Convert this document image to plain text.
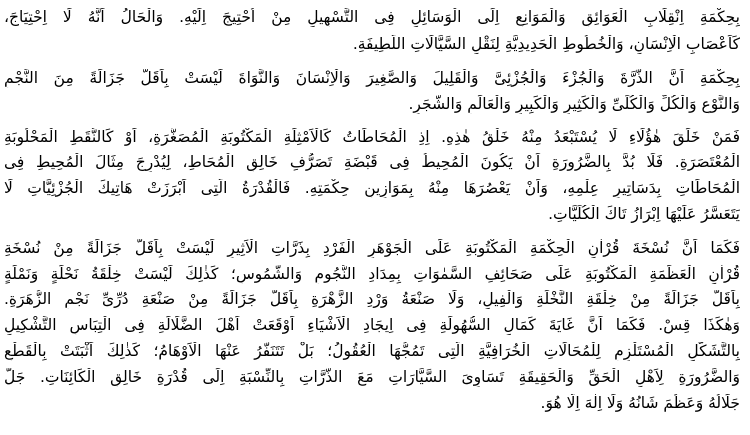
بِحِكْمَةِ اِنْقِلَابِ الْعَوَائِقِ وَالْمَوَانِعِ اِلَى الْوَسَائِلِ فِى التَّسْهِيلِ مِنْ اُحْتِيجَ اِلَيْهِ. وَالْحَالُ اَنَّهُ لَا اِحْتِيَاجَ،
كَاَعْصَابِ الْاِنْسَانِ، وَالْخُطُوطِ الْحَدِيدِيَّةِ لِنَقْلِ السَّيَّالَاتِ اللَّطِيفَةِ.
بِحِكْمَةِ اَنَّ الذَّرَّةَ وَالْجُزْءَ وَالْجُزْئِىَّ وَالْقَلِيلَ وَالصَّغِيرَ وَالْاِنْسَانَ وَالنَّوَاةَ لَيْسَتْ بِاَقَلَّ جَزَالَةً مِنَ النَّجْمِ
وَالنَّوْعِ وَالْكُلِّ وَالْكُلِّىِّ وَالْكَثِيرِ وَالْكَبِيرِ وَالْعَالَمِ وَالشَّجَرِ.
فَمَنْ خَلَقَ هٰؤُلَاءِ لَا يُسْتَبْعَدُ مِنْهُ خَلْقُ هٰذِهِ. اِذِ الْمُحَاطَاتُ كَالْاَمْثِلَةِ الْمَكْتُوبَةِ الْمُصَغَّرَةِ، اَوْ كَالنُّقَطِ الْمَحْلُوبَةِ
الْمُعْتَصَرَةِ. فَلَا بُدَّ بِالضَّرُورَةِ اَنْ يَكُونَ الْمُحِيطُ فِى قَبْضَةِ تَصَرُّفِ خَالِقِ الْمُحَاطِ، لِيُدْرِجَ مِثَالَ الْمُحِيطِ فِى
الْمُحَاطَاتِ بِدَسَاتِيرِ عِلْمِهِ، وَاَنْ يَعْصُرَهَا مِنْهُ بِمَوَازِينِ حِكْمَتِهِ. فَالْقُدْرَةُ الَّتِى اَبْرَزَتْ هَاتِيكَ الْجُزْئِيَّاتِ لَا
يَتَعَسَّرُ عَلَيْهَا اِبْرَازُ تَاكَ الْكُلِّيَّاتِ.
فَكَمَا اَنَّ نُسْخَةَ قُرْاٰنِ الْحِكْمَةِ الْمَكْتُوبَةِ عَلَى الْجَوْهَرِ الْفَرْدِ بِذَرَّاتِ الْاَثِيرِ لَيْسَتْ بِاَقَلَّ جَزَالَةً مِنْ نُسْخَةِ
قُرْاٰنِ الْعَظَمَةِ الْمَكْتُوبَةِ عَلَى صَحَائِفِ السَّمٰوَاتِ بِمِدَادِ النُّجُومِ وَالشُّمُوسِ؛ كَذٰلِكَ لَيْسَتْ خِلْقَةُ نَحْلَةٍ وَنَمْلَةٍ
بِاَقَلَّ جَزَالَةً مِنْ خِلْقَةِ النَّخْلَةِ وَالْفِيلِ، وَلَا صَنْعَةُ وَرْدِ الزَّهْرَةِ بِاَقَلَّ جَزَالَةً مِنْ صَنْعَةِ دُرِّىِّ نَجْمِ الزُّهَرَةِ.
وَهٰكَذَا قِسْ. فَكَمَا اَنَّ غَايَةَ كَمَالِ السُّهُولَةِ فِى اِيجَادِ الْاَشْيَاءِ اَوْقَعَتْ اَهْلَ الضَّلَالَةِ فِى الْتِبَاسِ التَّشْكِيلِ
بِالتَّشَكُّلِ الْمُسْتَلْزِمِ لِلْمُحَالَاتِ الْخُرَافِيَّةِ الَّتِى تَمُجُّهَا الْعُقُولُ؛ بَلْ تَتَنَفَّرُ عَنْهَا الْاَوْهَامُ؛ كَذٰلِكَ اَثْبَتَتْ بِالْقَطْعِ
وَالضَّرُورَةِ لِاَهْلِ الْحَقِّ وَالْحَقِيقَةِ تَسَاوِىَ السَّيَّارَاتِ مَعَ الذَّرَّاتِ بِالنِّسْبَةِ اِلَى قُدْرَةِ خَالِقِ الْكَائِنَاتِ. جَلَّ
جَلَالُهُ وَعَظُمَ شَانُهُ وَلَا اِلٰهَ اِلَّا هُوَ.
